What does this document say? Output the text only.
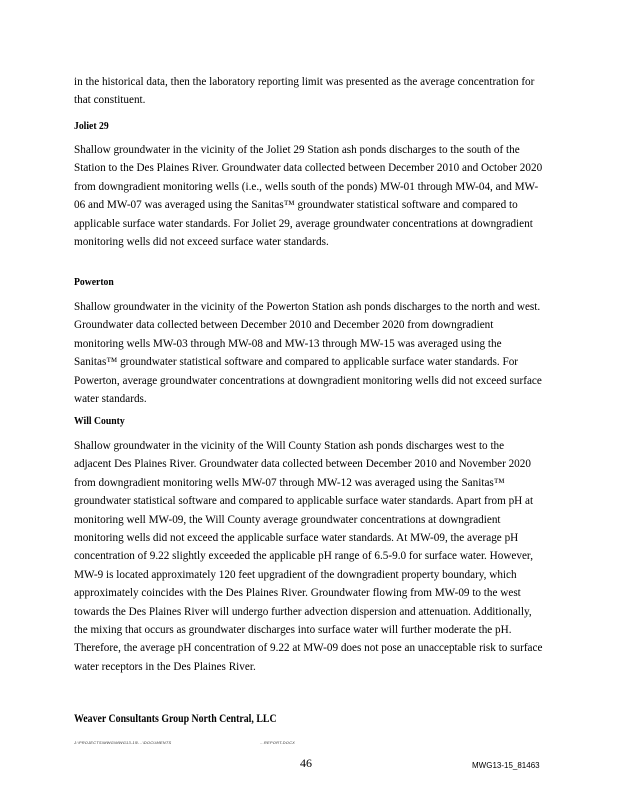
in the historical data, then the laboratory reporting limit was presented as the average concentration for that constituent.

Joliet 29

Shallow groundwater in the vicinity of the Joliet 29 Station ash ponds discharges to the south of the Station to the Des Plaines River. Groundwater data collected between December 2010 and October 2020 from downgradient monitoring wells (i.e., wells south of the ponds) MW-01 through MW-04, and MW-06 and MW-07 was averaged using the Sanitas™ groundwater statistical software and compared to applicable surface water standards. For Joliet 29, average groundwater concentrations at downgradient monitoring wells did not exceed surface water standards.

Powerton

Shallow groundwater in the vicinity of the Powerton Station ash ponds discharges to the north and west. Groundwater data collected between December 2010 and December 2020 from downgradient monitoring wells MW-03 through MW-08 and MW-13 through MW-15 was averaged using the Sanitas™ groundwater statistical software and compared to applicable surface water standards. For Powerton, average groundwater concentrations at downgradient monitoring wells did not exceed surface water standards.

Will County

Shallow groundwater in the vicinity of the Will County Station ash ponds discharges west to the adjacent Des Plaines River. Groundwater data collected between December 2010 and November 2020 from downgradient monitoring wells MW-07 through MW-12 was averaged using the Sanitas™ groundwater statistical software and compared to applicable surface water standards. Apart from pH at monitoring well MW-09, the Will County average groundwater concentrations at downgradient monitoring wells did not exceed the applicable surface water standards. At MW-09, the average pH concentration of 9.22 slightly exceeded the applicable pH range of 6.5-9.0 for surface water. However, MW-9 is located approximately 120 feet upgradient of the downgradient property boundary, which approximately coincides with the Des Plaines River. Groundwater flowing from MW-09 to the west towards the Des Plaines River will undergo further advection dispersion and attenuation. Additionally, the mixing that occurs as groundwater discharges into surface water will further moderate the pH. Therefore, the average pH concentration of 9.22 at MW-09 does not pose an unacceptable risk to surface water receptors in the Des Plaines River.

Weaver Consultants Group North Central, LLC

J:\PROJECTS\MWG\MWG13-15\...\DOCUMENTS	...REPORT.DOCX
46	MWG13-15_81463
